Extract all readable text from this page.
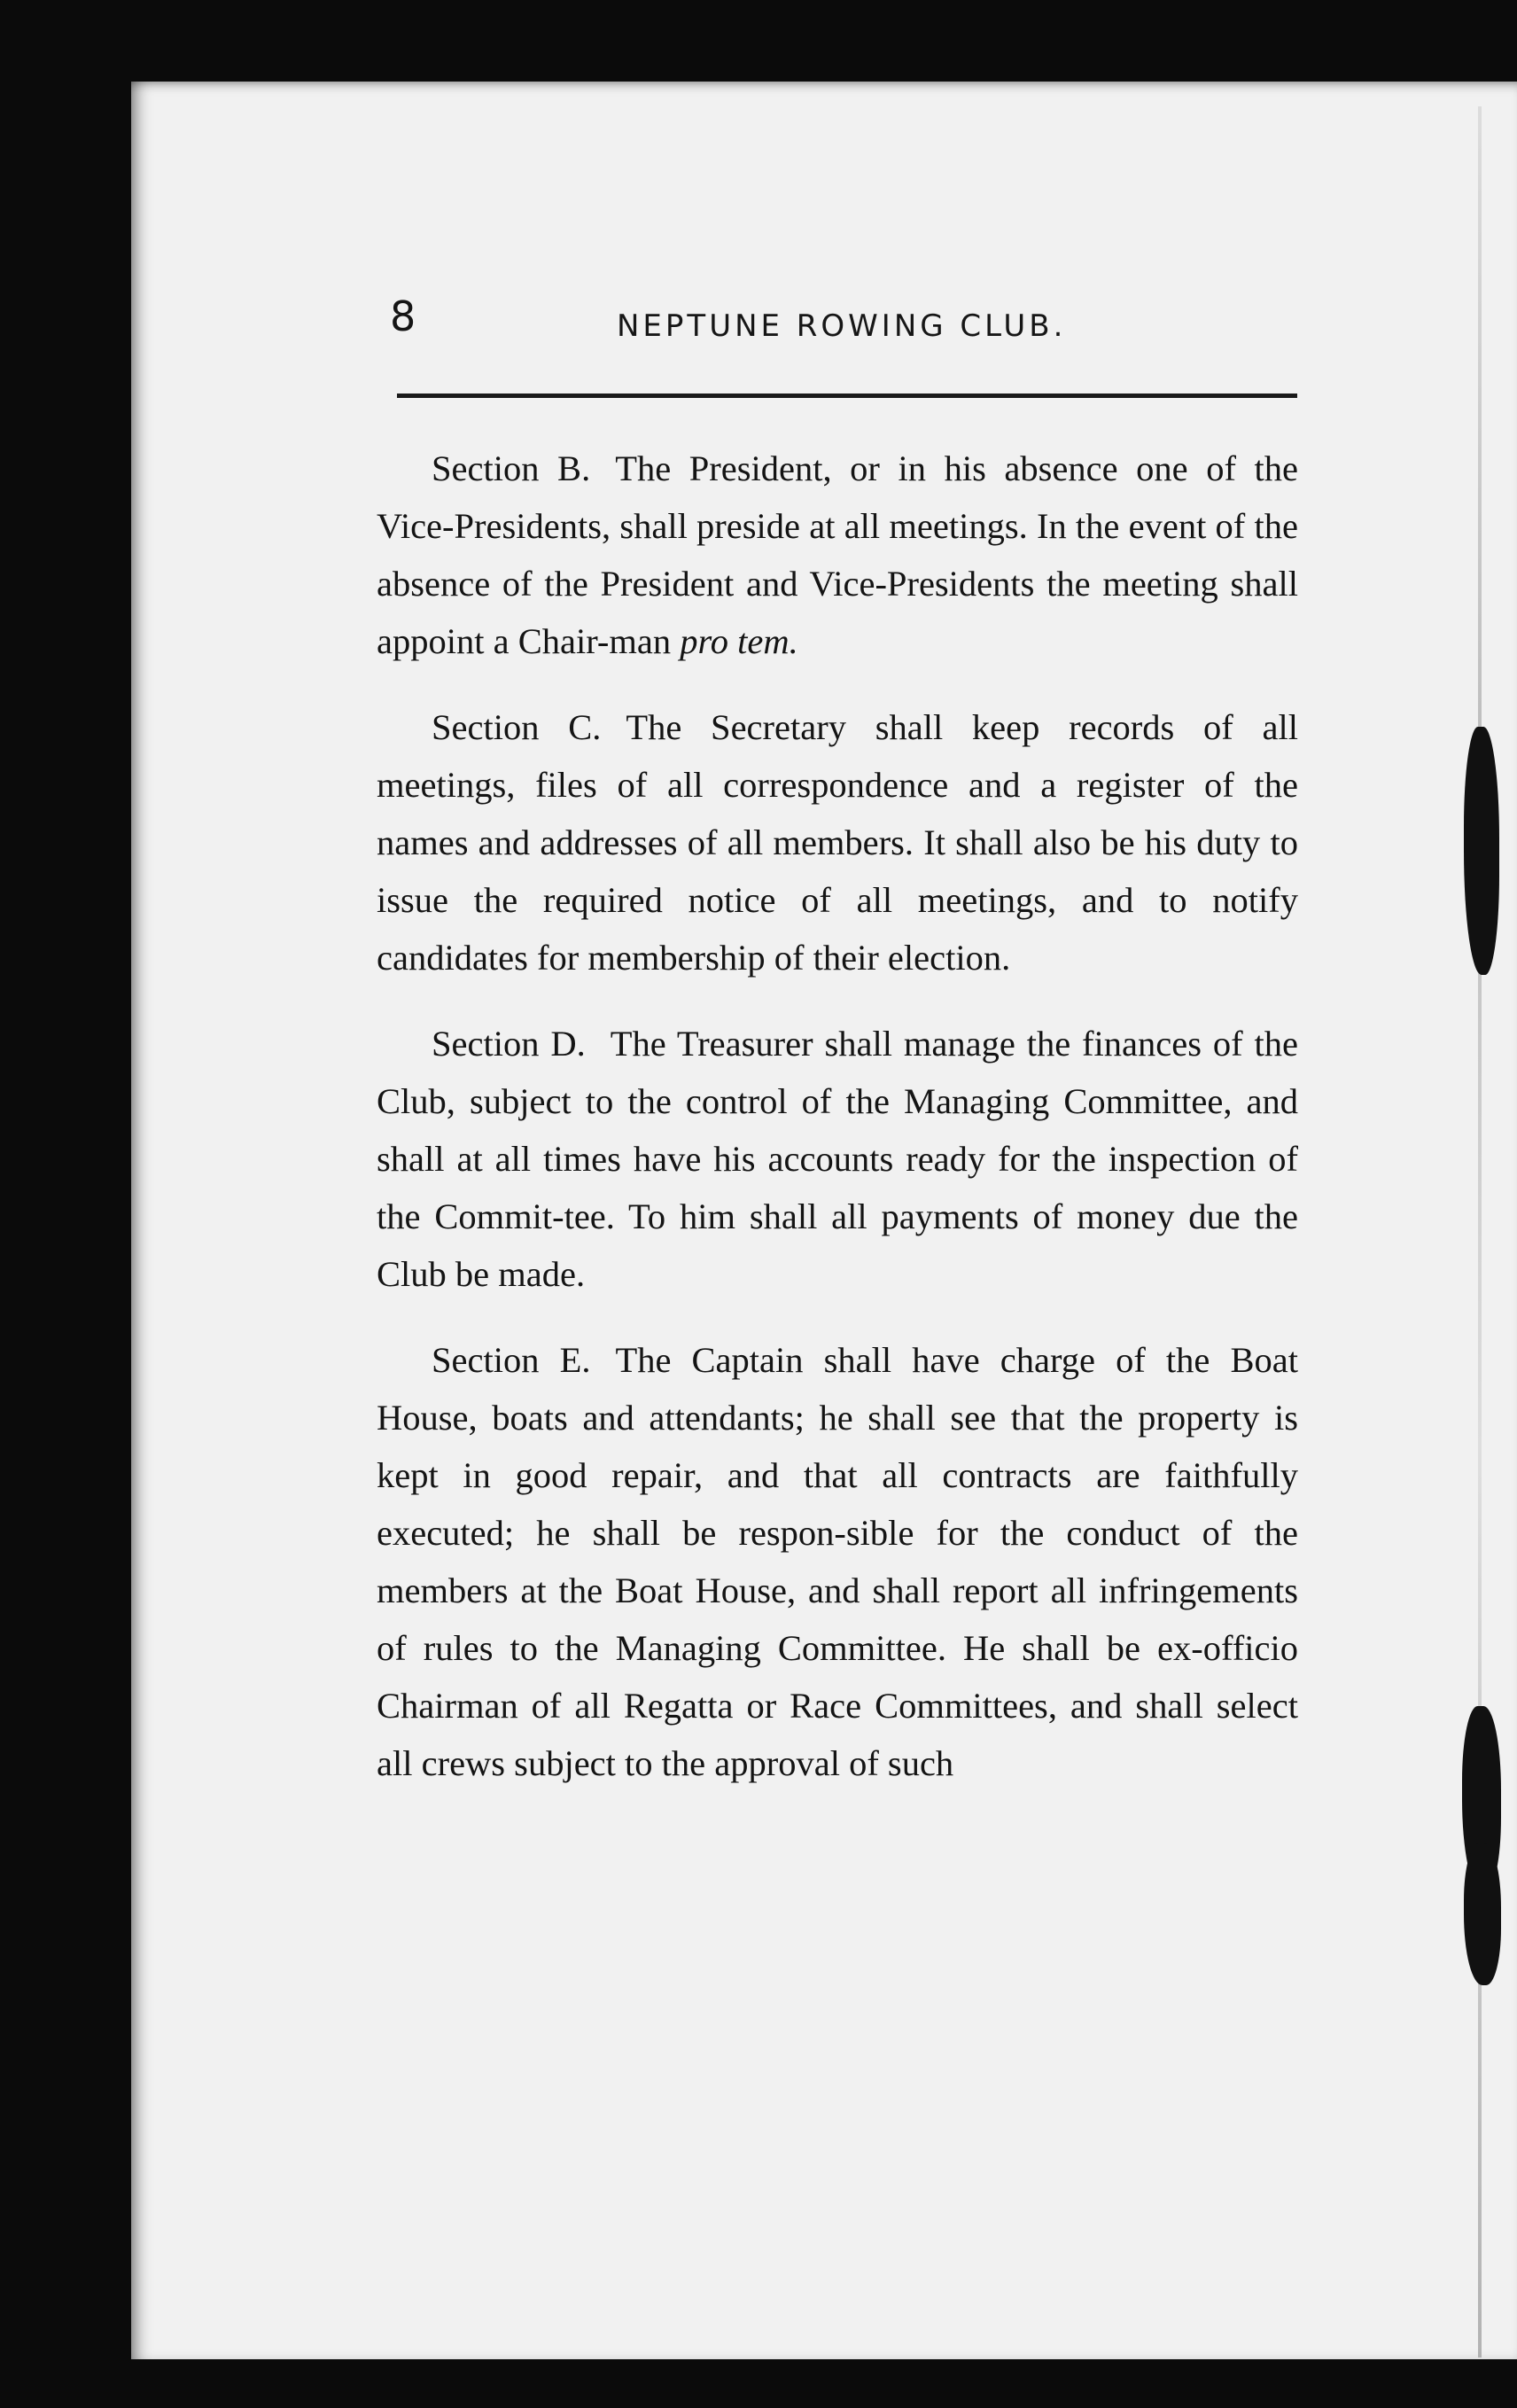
8	NEPTUNE ROWING CLUB.

Section B. The President, or in his absence one of the Vice-Presidents, shall preside at all meetings. In the event of the absence of the President and Vice-Presidents the meeting shall appoint a Chair-man pro tem.

Section C. The Secretary shall keep records of all meetings, files of all correspondence and a register of the names and addresses of all members. It shall also be his duty to issue the required notice of all meetings, and to notify candidates for membership of their election.

Section D. The Treasurer shall manage the finances of the Club, subject to the control of the Managing Committee, and shall at all times have his accounts ready for the inspection of the Commit-tee. To him shall all payments of money due the Club be made.

Section E. The Captain shall have charge of the Boat House, boats and attendants; he shall see that the property is kept in good repair, and that all contracts are faithfully executed; he shall be respon-sible for the conduct of the members at the Boat House, and shall report all infringements of rules to the Managing Committee. He shall be ex-officio Chairman of all Regatta or Race Committees, and shall select all crews subject to the approval of such
